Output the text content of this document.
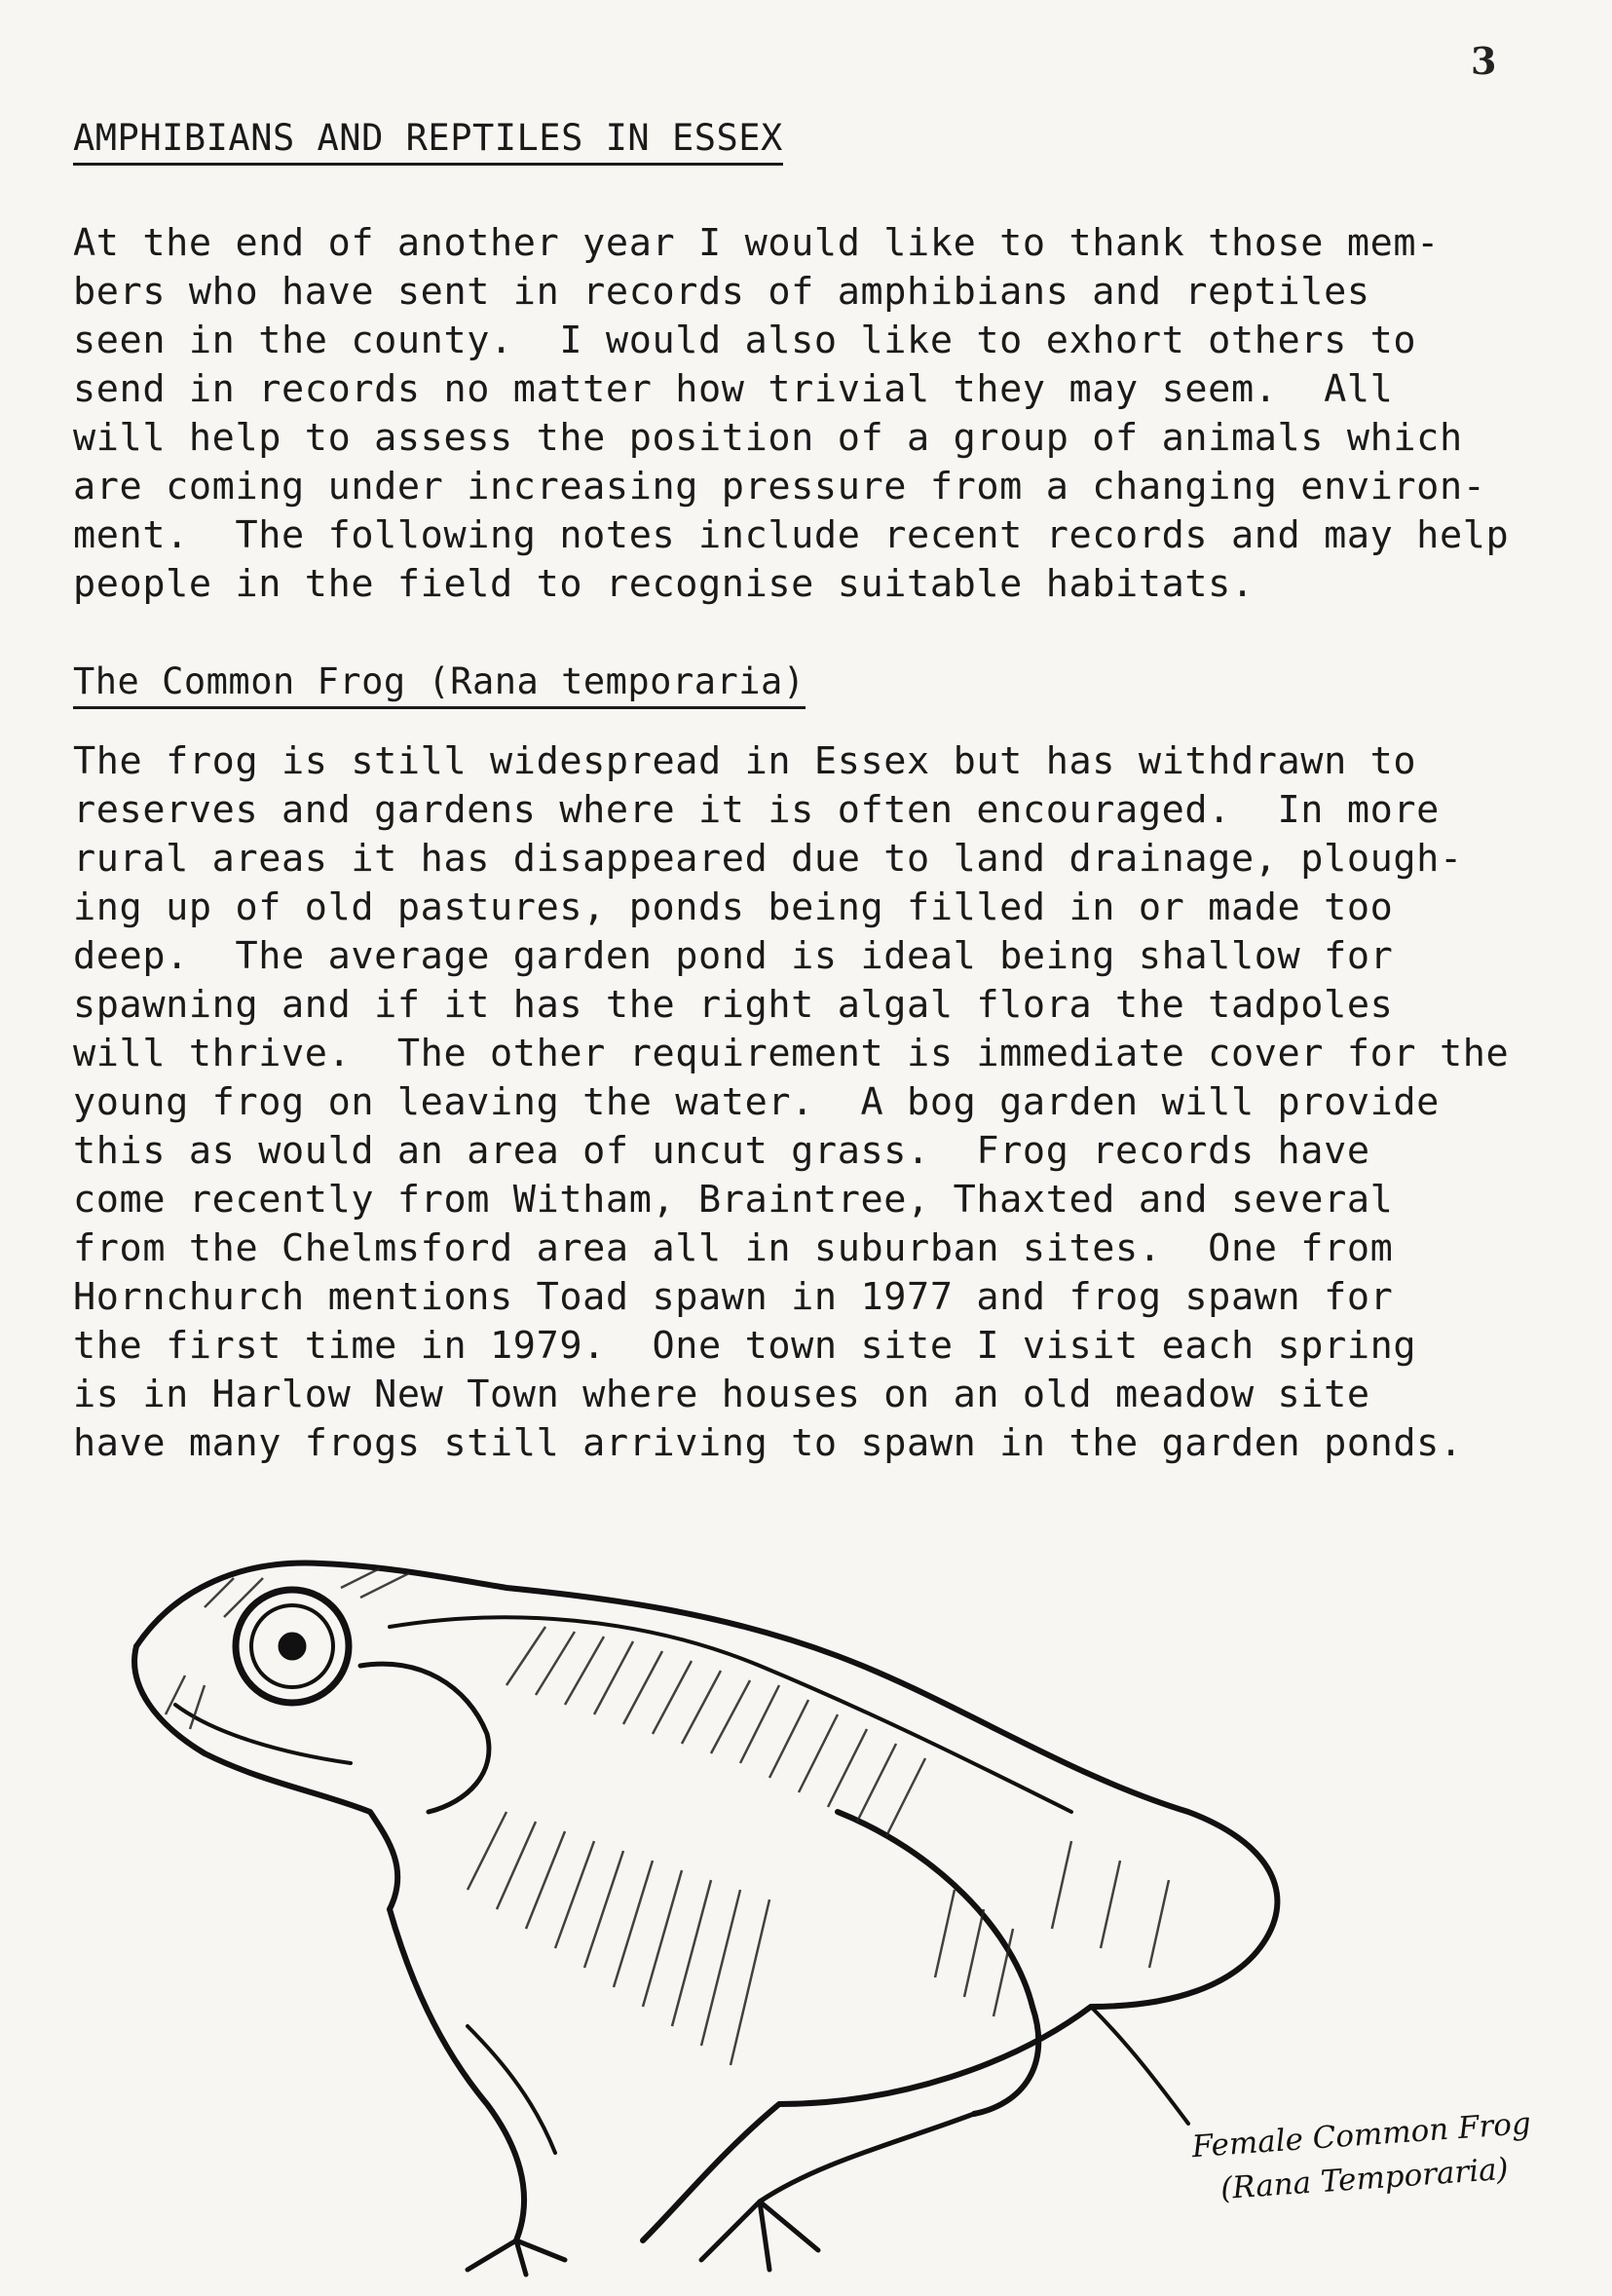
3
AMPHIBIANS AND REPTILES IN ESSEX
At the end of another year I would like to thank those mem-
bers who have sent in records of amphibians and reptiles
seen in the county.  I would also like to exhort others to
send in records no matter how trivial they may seem.  All
will help to assess the position of a group of animals which
are coming under increasing pressure from a changing environ-
ment.  The following notes include recent records and may help
people in the field to recognise suitable habitats.
The Common Frog (Rana temporaria)
The frog is still widespread in Essex but has withdrawn to
reserves and gardens where it is often encouraged.  In more
rural areas it has disappeared due to land drainage, plough-
ing up of old pastures, ponds being filled in or made too
deep.  The average garden pond is ideal being shallow for
spawning and if it has the right algal flora the tadpoles
will thrive.  The other requirement is immediate cover for the
young frog on leaving the water.  A bog garden will provide
this as would an area of uncut grass.  Frog records have
come recently from Witham, Braintree, Thaxted and several
from the Chelmsford area all in suburban sites.  One from
Hornchurch mentions Toad spawn in 1977 and frog spawn for
the first time in 1979.  One town site I visit each spring
is in Harlow New Town where houses on an old meadow site
have many frogs still arriving to spawn in the garden ponds.
Female Common Frog
(Rana Temporaria)
